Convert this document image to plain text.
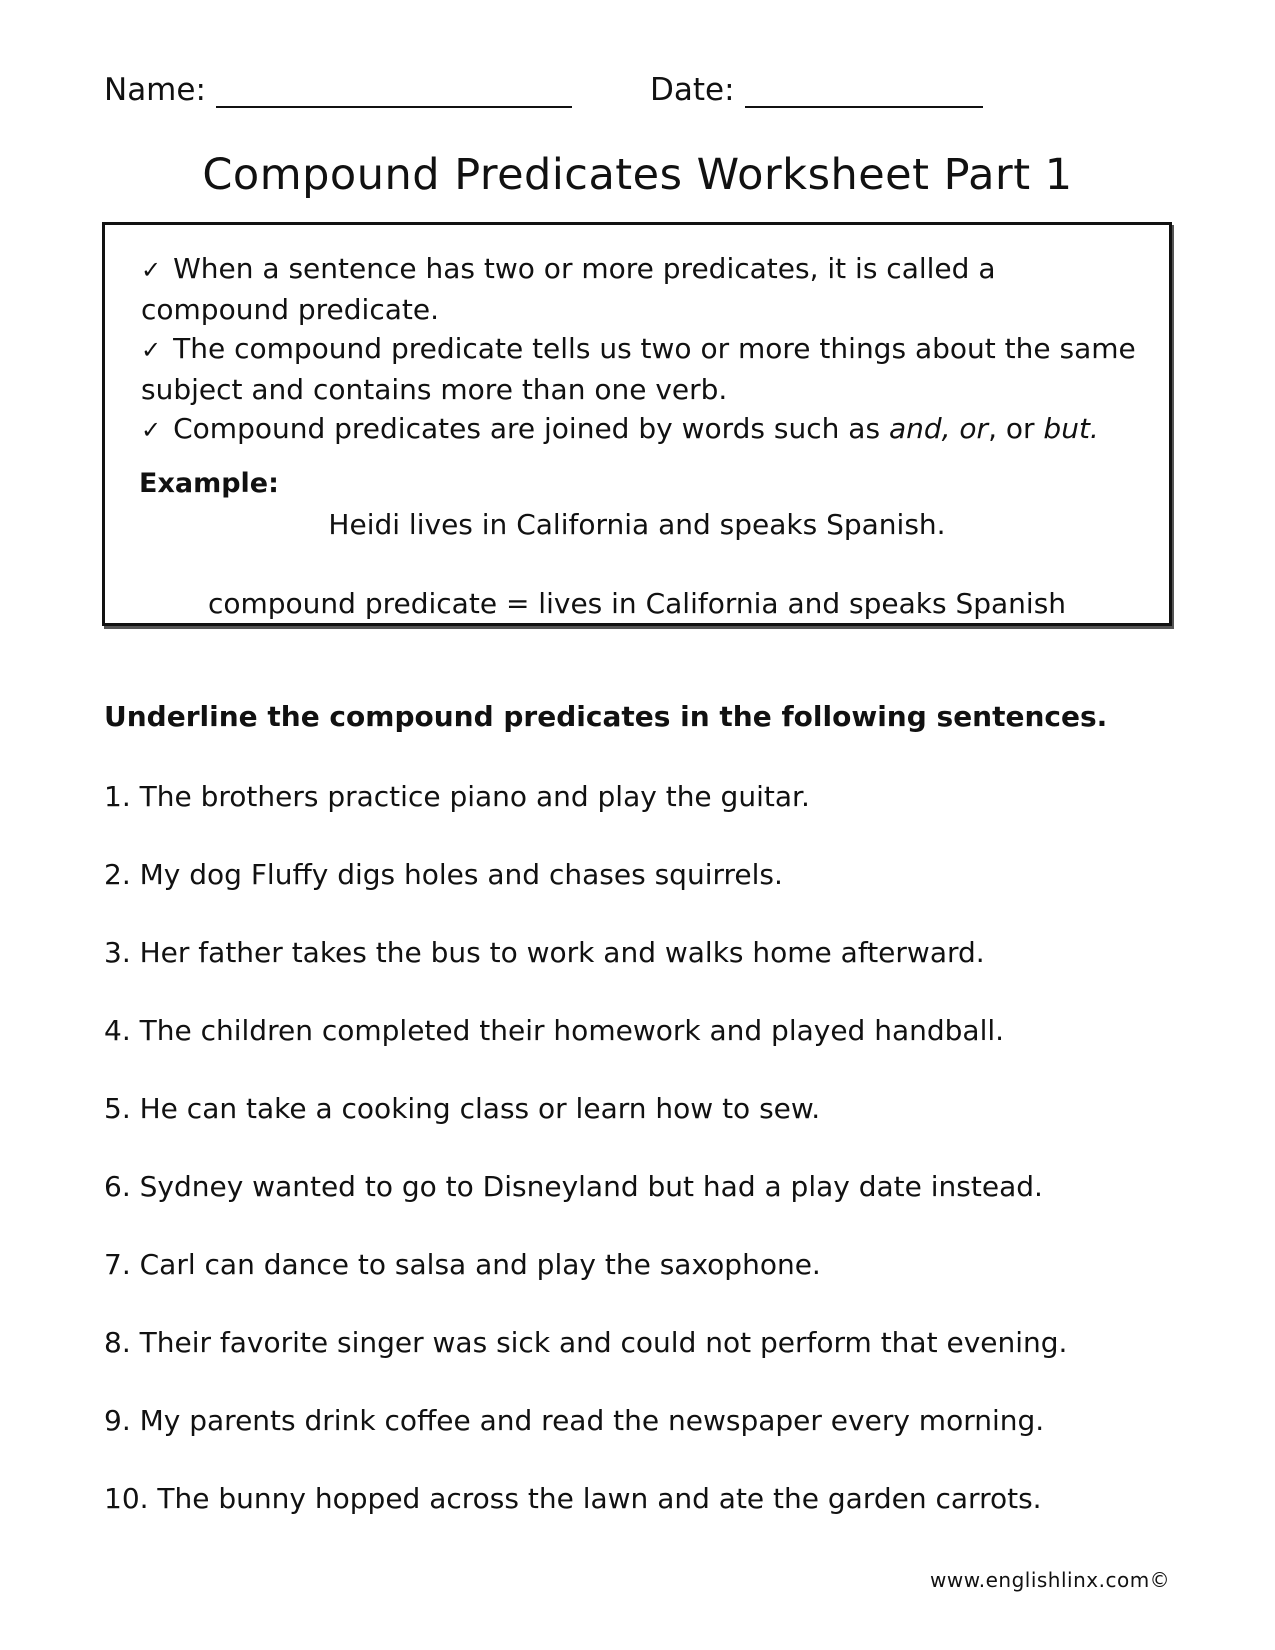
Name:	Date:
Compound Predicates Worksheet Part 1
✓ When a sentence has two or more predicates, it is called a compound predicate.
✓ The compound predicate tells us two or more things about the same subject and contains more than one verb.
✓ Compound predicates are joined by words such as and, or, or but.
Example:
Heidi lives in California and speaks Spanish.
compound predicate = lives in California and speaks Spanish
Underline the compound predicates in the following sentences.
1. The brothers practice piano and play the guitar.
2. My dog Fluffy digs holes and chases squirrels.
3. Her father takes the bus to work and walks home afterward.
4. The children completed their homework and played handball.
5. He can take a cooking class or learn how to sew.
6. Sydney wanted to go to Disneyland but had a play date instead.
7. Carl can dance to salsa and play the saxophone.
8. Their favorite singer was sick and could not perform that evening.
9. My parents drink coffee and read the newspaper every morning.
10. The bunny hopped across the lawn and ate the garden carrots.
www.englishlinx.com©
